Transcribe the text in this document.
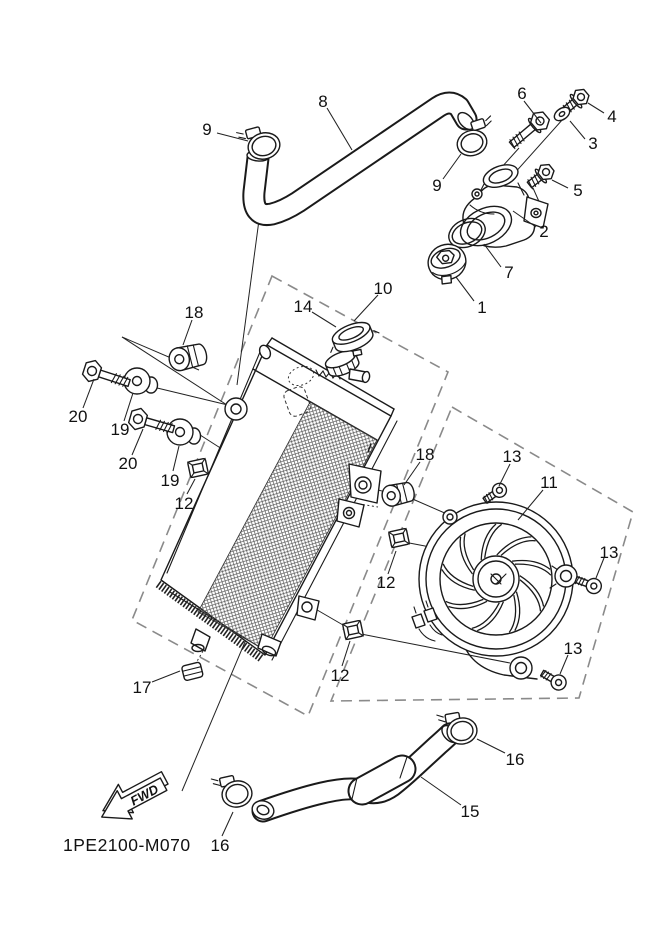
FWD
1PE2100-M070
9
8	6
4
3
9	5
2
7
1
10
14
18
20
19
20
19
12
18	13
11
13
12
13
12
17
16
15
16
